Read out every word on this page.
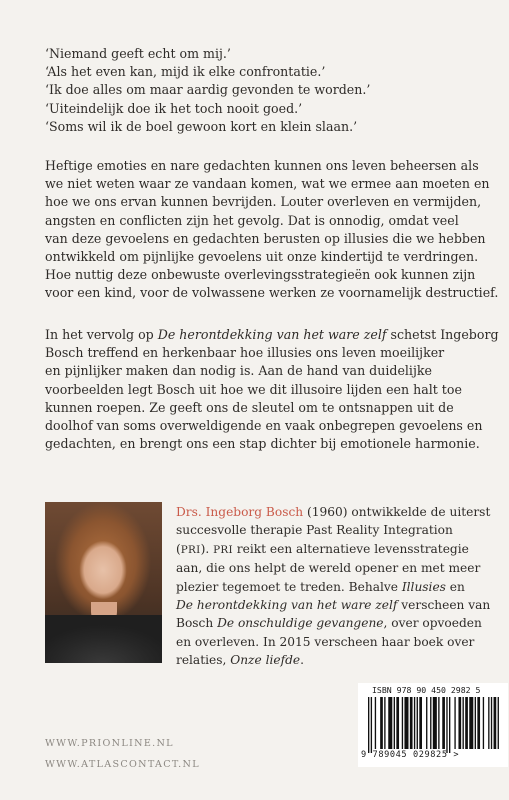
‘Niemand geeft echt om mij.’
‘Als het even kan, mijd ik elke confrontatie.’
‘Ik doe alles om maar aardig gevonden te worden.’
‘Uiteindelijk doe ik het toch nooit goed.’
‘Soms wil ik de boel gewoon kort en klein slaan.’
Heftige emoties en nare gedachten kunnen ons leven beheersen als
we niet weten waar ze vandaan komen, wat we ermee aan moeten en
hoe we ons ervan kunnen bevrijden. Louter overleven en vermijden,
angsten en conflicten zijn het gevolg. Dat is onnodig, omdat veel
van deze gevoelens en gedachten berusten op illusies die we hebben
ontwikkeld om pijnlijke gevoelens uit onze kindertijd te verdringen.
Hoe nuttig deze onbewuste overlevingsstrategieën ook kunnen zijn
voor een kind, voor de volwassene werken ze voornamelijk destructief.
In het vervolg op De herontdekking van het ware zelf schetst Ingeborg
Bosch treffend en herkenbaar hoe illusies ons leven moeilijker
en pijnlijker maken dan nodig is. Aan de hand van duidelijke
voorbeelden legt Bosch uit hoe we dit illusoire lijden een halt toe
kunnen roepen. Ze geeft ons de sleutel om te ontsnappen uit de
doolhof van soms overweldigende en vaak onbegrepen gevoelens en
gedachten, en brengt ons een stap dichter bij emotionele harmonie.
Drs. Ingeborg Bosch (1960) ontwikkelde de uiterst
succesvolle therapie Past Reality Integration
(PRI). PRI reikt een alternatieve levensstrategie
aan, die ons helpt de wereld opener en met meer
plezier tegemoet te treden. Behalve Illusies en
De herontdekking van het ware zelf verscheen van
Bosch De onschuldige gevangene, over opvoeden
en overleven. In 2015 verscheen haar boek over
relaties, Onze liefde.
WWW.PRIONLINE.NL
WWW.ATLASCONTACT.NL
ISBN 978 90 450 2982 5
9 789045 029825 >
